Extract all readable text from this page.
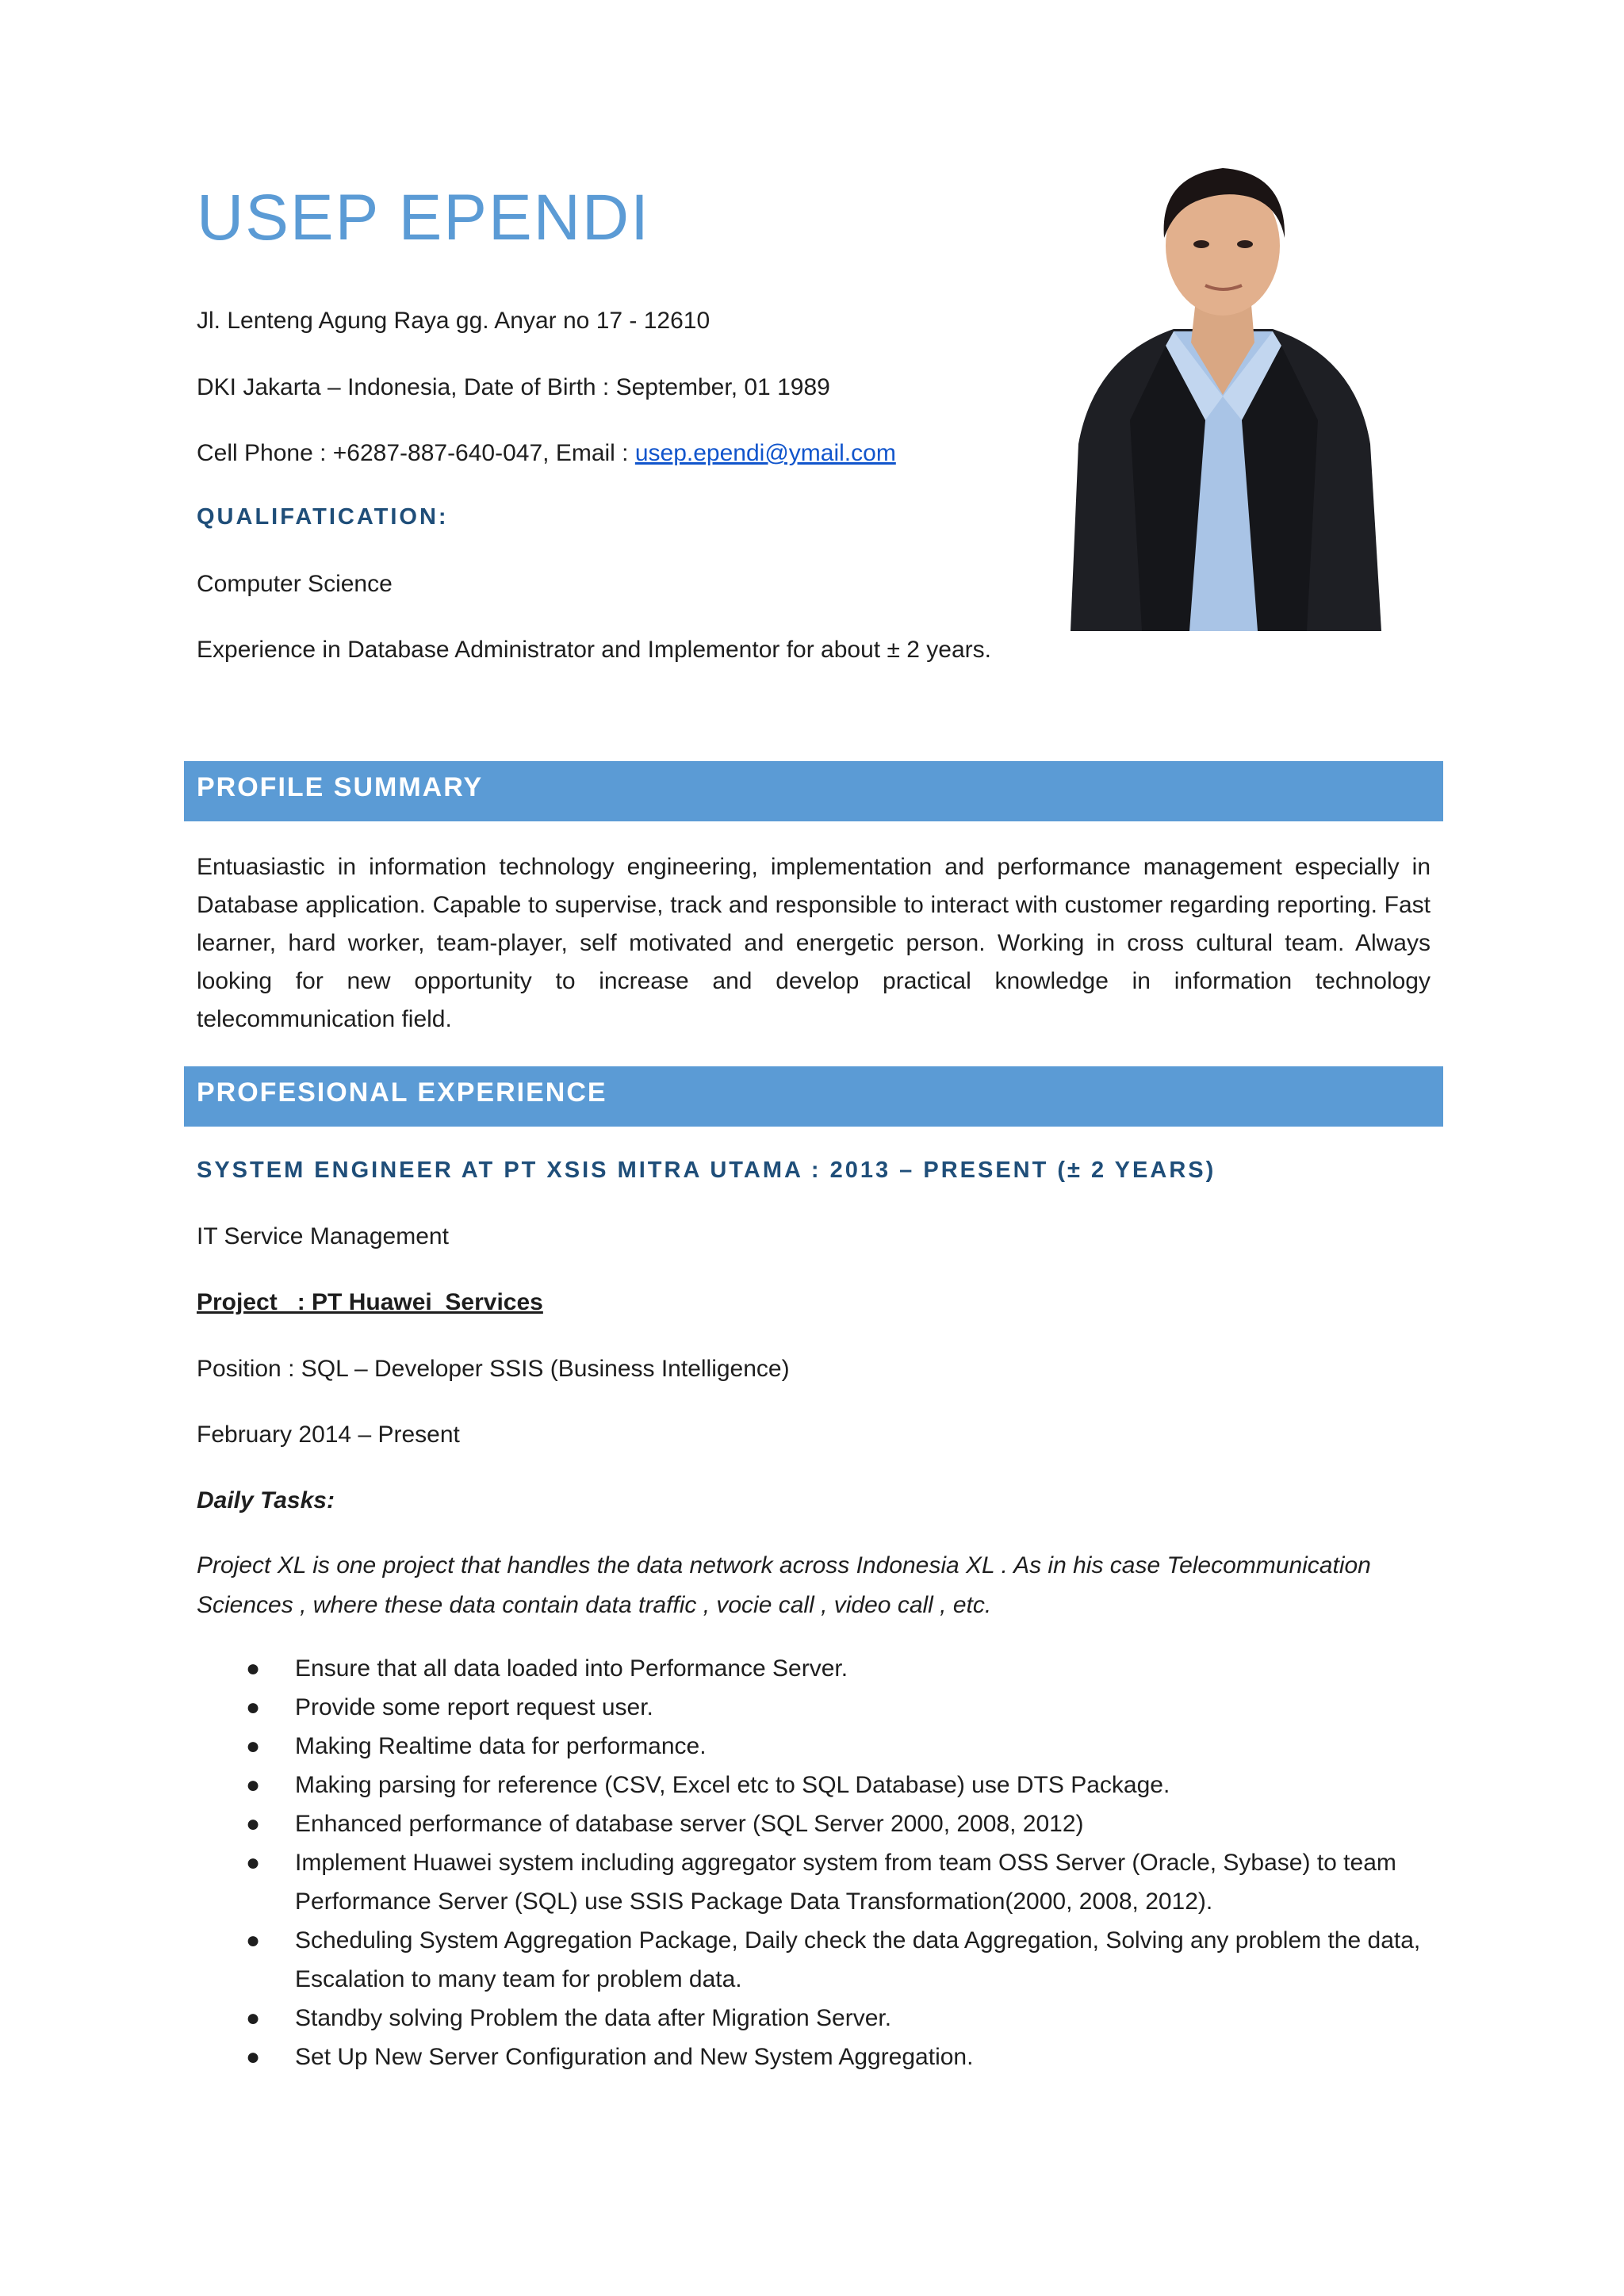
USEP EPENDI
Jl. Lenteng Agung Raya gg. Anyar no 17 - 12610
DKI Jakarta – Indonesia, Date of Birth : September, 01 1989
Cell Phone : +6287-887-640-047, Email : usep.ependi@ymail.com
QUALIFATICATION:
Computer Science
Experience in Database Administrator and Implementor for about ± 2 years.
PROFILE SUMMARY
Entuasiastic in information technology engineering, implementation and performance management especially in Database application. Capable to supervise, track and responsible to interact with customer regarding reporting. Fast learner, hard worker, team-player, self motivated and energetic person. Working in cross cultural team. Always looking for new opportunity to increase and develop practical knowledge in information technology telecommunication field.
PROFESIONAL EXPERIENCE
SYSTEM ENGINEER AT PT XSIS MITRA UTAMA : 2013 – PRESENT (± 2 YEARS)
IT Service Management
Project   : PT Huawei  Services
Position : SQL – Developer SSIS (Business Intelligence)
February 2014 – Present
Daily Tasks:
Project XL is one project that handles the data network across Indonesia XL . As in his case Telecommunication Sciences , where these data contain data traffic , vocie call , video call , etc.
● Ensure that all data loaded into Performance Server.
● Provide some report request user.
● Making Realtime data for performance.
● Making parsing for reference (CSV, Excel etc to SQL Database) use DTS Package.
● Enhanced performance of database server (SQL Server 2000, 2008, 2012)
● Implement Huawei system including aggregator system from team OSS Server (Oracle, Sybase) to team Performance Server (SQL) use SSIS Package Data Transformation(2000, 2008, 2012).
● Scheduling System Aggregation Package, Daily check the data Aggregation, Solving any problem the data, Escalation to many team for problem data.
● Standby solving Problem the data after Migration Server.
● Set Up New Server Configuration and New System Aggregation.
